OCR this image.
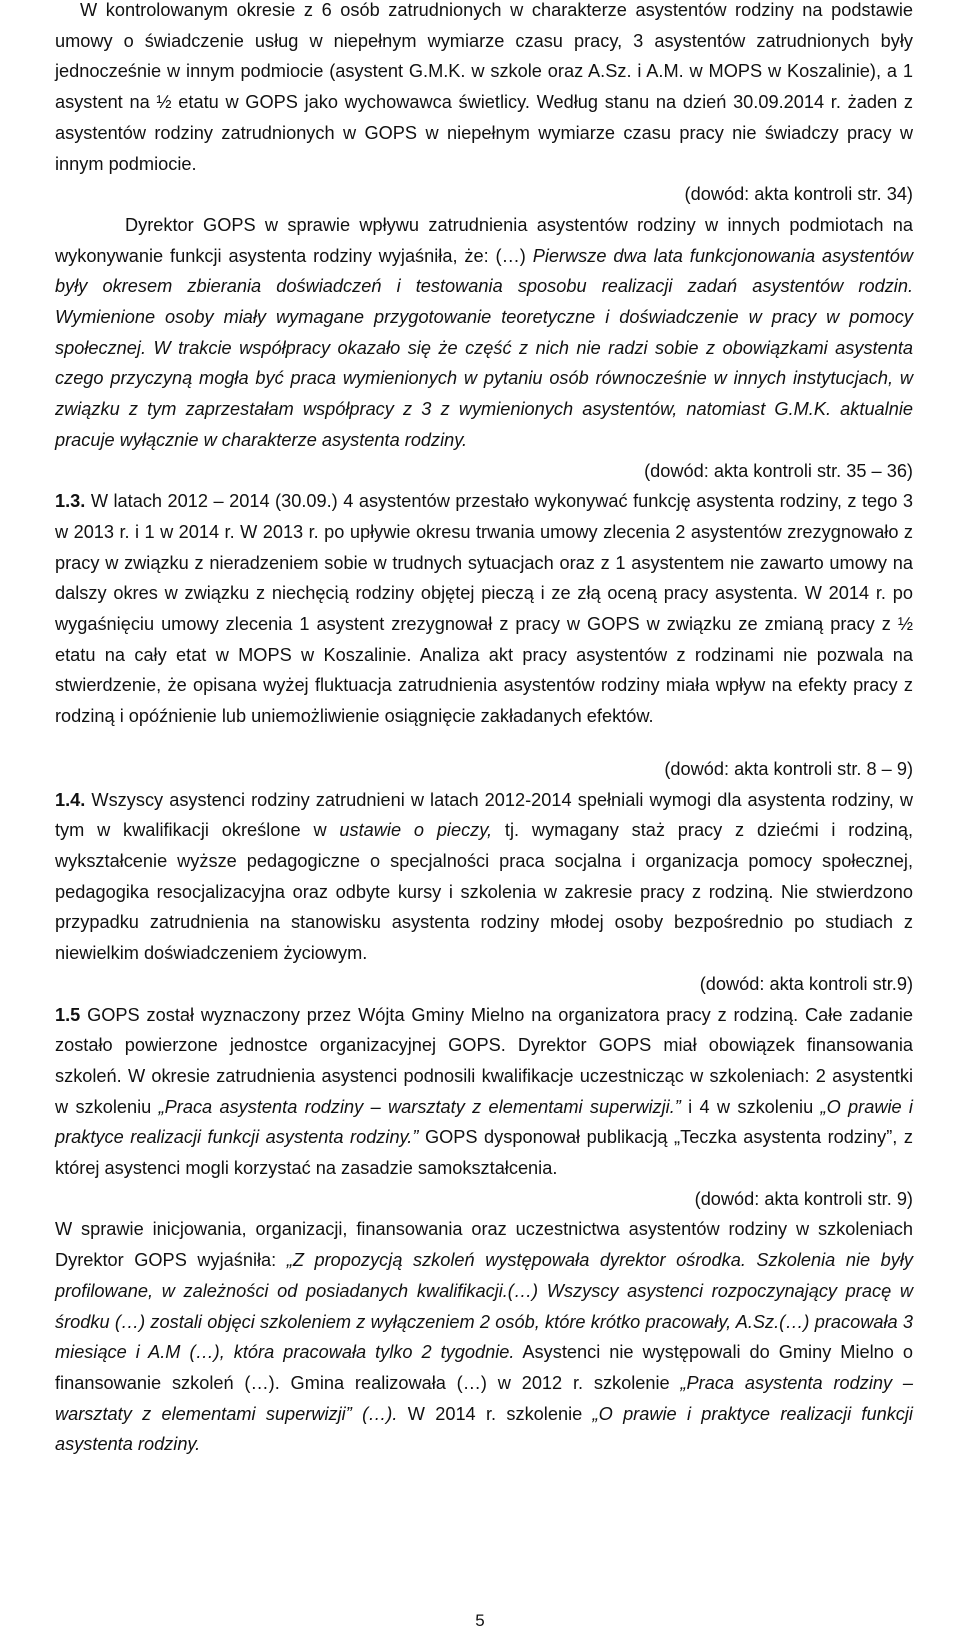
W kontrolowanym okresie z 6 osób zatrudnionych w charakterze asystentów rodziny na podstawie umowy o świadczenie usług w niepełnym wymiarze czasu pracy, 3 asystentów zatrudnionych były jednocześnie w innym podmiocie (asystent G.M.K. w szkole oraz A.Sz. i A.M. w MOPS w Koszalinie), a 1 asystent na ½ etatu w GOPS jako wychowawca świetlicy. Według stanu na dzień 30.09.2014 r. żaden z asystentów rodziny zatrudnionych w GOPS w niepełnym wymiarze czasu pracy nie świadczy pracy w innym podmiocie.

(dowód: akta kontroli str. 34)

Dyrektor GOPS w sprawie wpływu zatrudnienia asystentów rodziny w innych podmiotach na wykonywanie funkcji asystenta rodziny wyjaśniła, że: (…) Pierwsze dwa lata funkcjonowania asystentów były okresem zbierania doświadczeń i testowania sposobu realizacji zadań asystentów rodzin. Wymienione osoby miały wymagane przygotowanie teoretyczne i doświadczenie w pracy w pomocy społecznej. W trakcie współpracy okazało się że część z nich nie radzi sobie z obowiązkami asystenta czego przyczyną mogła być praca wymienionych w pytaniu osób równocześnie w innych instytucjach, w związku z tym zaprzestałam współpracy z 3 z wymienionych asystentów, natomiast G.M.K. aktualnie pracuje wyłącznie w charakterze asystenta rodziny.

(dowód: akta kontroli str. 35 – 36)

1.3. W latach 2012 – 2014 (30.09.) 4 asystentów przestało wykonywać funkcję asystenta rodziny, z tego 3 w 2013 r. i 1 w 2014 r. W 2013 r. po upływie okresu trwania umowy zlecenia 2 asystentów zrezygnowało z pracy w związku z nieradzeniem sobie w trudnych sytuacjach oraz z 1 asystentem nie zawarto umowy na dalszy okres w związku z niechęcią rodziny objętej pieczą i ze złą oceną pracy asystenta. W 2014 r. po wygaśnięciu umowy zlecenia 1 asystent zrezygnował z pracy w GOPS w związku ze zmianą pracy z ½ etatu na cały etat w MOPS w Koszalinie. Analiza akt pracy asystentów z rodzinami nie pozwala na stwierdzenie, że opisana wyżej fluktuacja zatrudnienia asystentów rodziny miała wpływ na efekty pracy z rodziną i opóźnienie lub uniemożliwienie osiągnięcie zakładanych efektów.

(dowód: akta kontroli str. 8 – 9)

1.4. Wszyscy asystenci rodziny zatrudnieni w latach 2012-2014 spełniali wymogi dla asystenta rodziny, w tym w kwalifikacji określone w ustawie o pieczy, tj. wymagany staż pracy z dziećmi i rodziną, wykształcenie wyższe pedagogiczne o specjalności praca socjalna i organizacja pomocy społecznej, pedagogika resocjalizacyjna oraz odbyte kursy i szkolenia w zakresie pracy z rodziną. Nie stwierdzono przypadku zatrudnienia na stanowisku asystenta rodziny młodej osoby bezpośrednio po studiach z niewielkim doświadczeniem życiowym.

(dowód: akta kontroli str.9)

1.5 GOPS został wyznaczony przez Wójta Gminy Mielno na organizatora pracy z rodziną. Całe zadanie zostało powierzone jednostce organizacyjnej GOPS. Dyrektor GOPS miał obowiązek finansowania szkoleń. W okresie zatrudnienia asystenci podnosili kwalifikacje uczestnicząc w szkoleniach: 2 asystentki w szkoleniu „Praca asystenta rodziny – warsztaty z elementami superwizji.” i 4 w szkoleniu „O prawie i praktyce realizacji funkcji asystenta rodziny.” GOPS dysponował publikacją „Teczka asystenta rodziny”, z której asystenci mogli korzystać na zasadzie samokształcenia.

(dowód: akta kontroli str. 9)

W sprawie inicjowania, organizacji, finansowania oraz uczestnictwa asystentów rodziny w szkoleniach Dyrektor GOPS wyjaśniła: „Z propozycją szkoleń występowała dyrektor ośrodka. Szkolenia nie były profilowane, w zależności od posiadanych kwalifikacji.(…) Wszyscy asystenci rozpoczynający pracę w środku (…) zostali objęci szkoleniem z wyłączeniem 2 osób, które krótko pracowały, A.Sz.(…) pracowała 3 miesiące i A.M (…), która pracowała tylko 2 tygodnie. Asystenci nie występowali do Gminy Mielno o finansowanie szkoleń (…). Gmina realizowała (…) w 2012 r. szkolenie „Praca asystenta rodziny – warsztaty z elementami superwizji” (…). W 2014 r. szkolenie „O prawie i praktyce realizacji funkcji asystenta rodziny.

5
